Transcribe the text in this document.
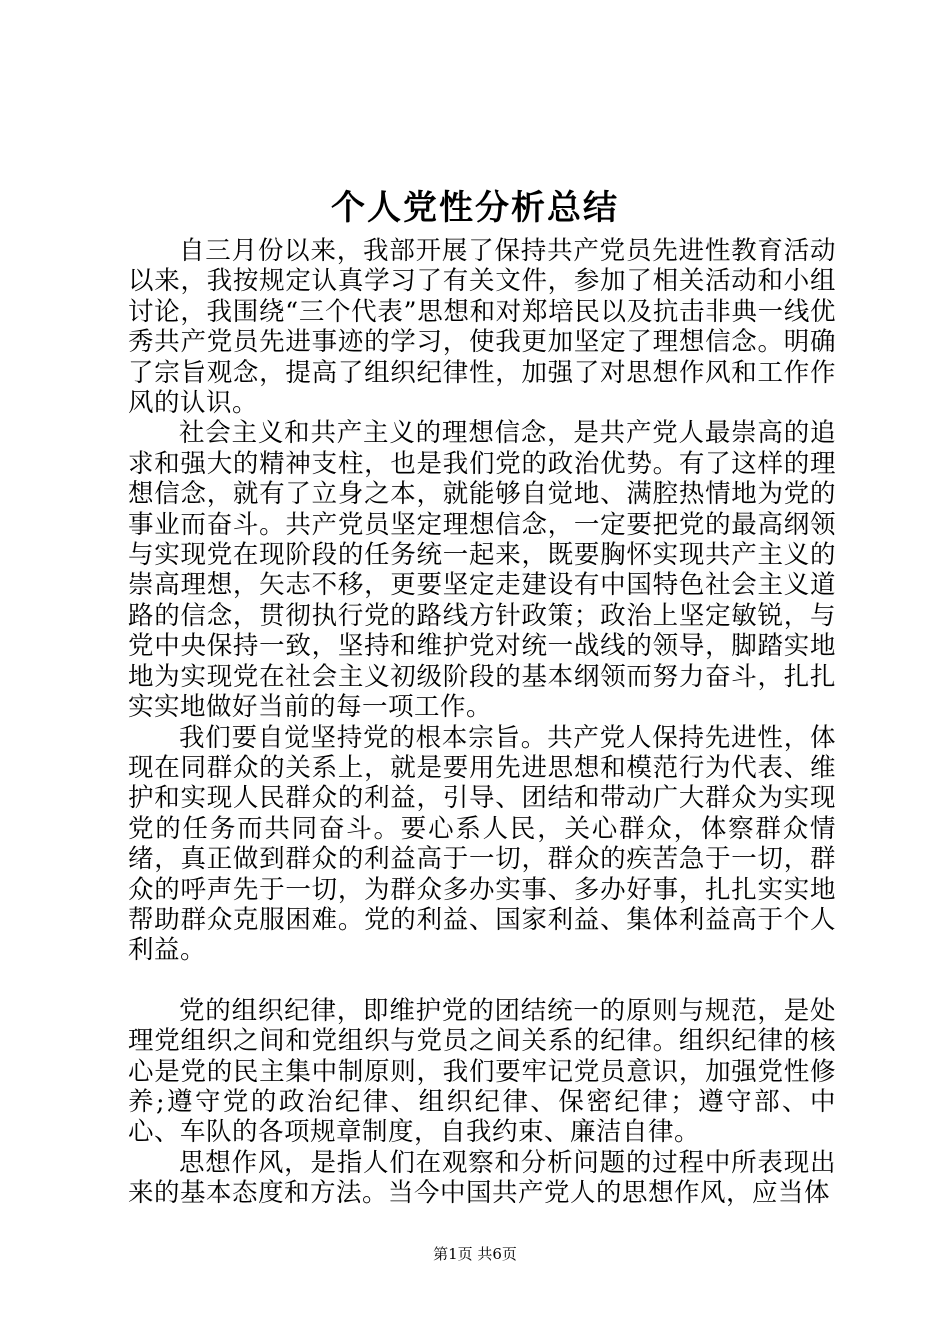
个人党性分析总结

自三月份以来，我部开展了保持共产党员先进性教育活动以来，我按规定认真学习了有关文件，参加了相关活动和小组讨论，我围绕“三个代表”思想和对郑培民以及抗击非典一线优秀共产党员先进事迹的学习，使我更加坚定了理想信念。明确了宗旨观念，提高了组织纪律性，加强了对思想作风和工作作风的认识。

社会主义和共产主义的理想信念，是共产党人最崇高的追求和强大的精神支柱，也是我们党的政治优势。有了这样的理想信念，就有了立身之本，就能够自觉地、满腔热情地为党的事业而奋斗。共产党员坚定理想信念，一定要把党的最高纲领与实现党在现阶段的任务统一起来，既要胸怀实现共产主义的崇高理想，矢志不移，更要坚定走建设有中国特色社会主义道路的信念，贯彻执行党的路线方针政策；政治上坚定敏锐，与党中央保持一致，坚持和维护党对统一战线的领导，脚踏实地地为实现党在社会主义初级阶段的基本纲领而努力奋斗，扎扎实实地做好当前的每一项工作。

我们要自觉坚持党的根本宗旨。共产党人保持先进性，体现在同群众的关系上，就是要用先进思想和模范行为代表、维护和实现人民群众的利益，引导、团结和带动广大群众为实现党的任务而共同奋斗。要心系人民，关心群众，体察群众情绪，真正做到群众的利益高于一切，群众的疾苦急于一切，群众的呼声先于一切，为群众多办实事、多办好事，扎扎实实地帮助群众克服困难。党的利益、国家利益、集体利益高于个人利益。

党的组织纪律，即维护党的团结统一的原则与规范，是处理党组织之间和党组织与党员之间关系的纪律。组织纪律的核心是党的民主集中制原则，我们要牢记党员意识，加强党性修养;遵守党的政治纪律、组织纪律、保密纪律；遵守部、中心、车队的各项规章制度，自我约束、廉洁自律。

思想作风，是指人们在观察和分析问题的过程中所表现出来的基本态度和方法。当今中国共产党人的思想作风，应当体

第1页 共6页
